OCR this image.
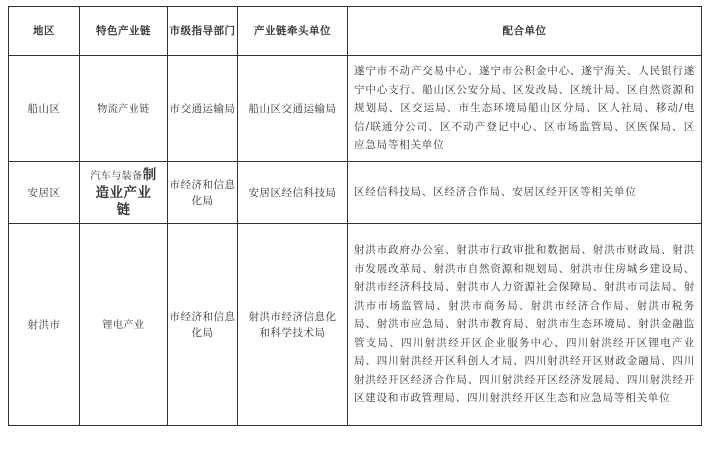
地区	特色产业链	市级指导部门	产业链牵头单位	配合单位
船山区	物流产业链	市交通运输局	船山区交通运输局	遂宁市不动产交易中心、遂宁市公积金中心、遂宁海关、人民银行遂宁中心支行、船山区公安分局、区发改局、区统计局、区自然资源和规划局、区交运局、市生态环境局船山区分局、区人社局、移动/电信/联通分公司、区不动产登记中心、区市场监管局、区医保局、区应急局等相关单位
安居区	汽车与装备制造业产业链	市经济和信息化局	安居区经信科技局	区经信科技局、区经济合作局、安居区经开区等相关单位
射洪市	锂电产业	市经济和信息化局	射洪市经济信息化和科学技术局	射洪市政府办公室、射洪市行政审批和数据局、射洪市财政局、射洪市发展改革局、射洪市自然资源和规划局、射洪市住房城乡建设局、射洪市经济科技局、射洪市人力资源社会保障局、射洪市司法局、射洪市市场监管局、射洪市商务局、射洪市经济合作局、射洪市税务局、射洪市应急局、射洪市教育局、射洪市生态环境局、射洪金融监管支局、四川射洪经开区企业服务中心、四川射洪经开区锂电产业局、四川射洪经开区科创人才局、四川射洪经开区财政金融局、四川射洪经开区经济合作局、四川射洪经开区经济发展局、四川射洪经开区建设和市政管理局、四川射洪经开区生态和应急局等相关单位
